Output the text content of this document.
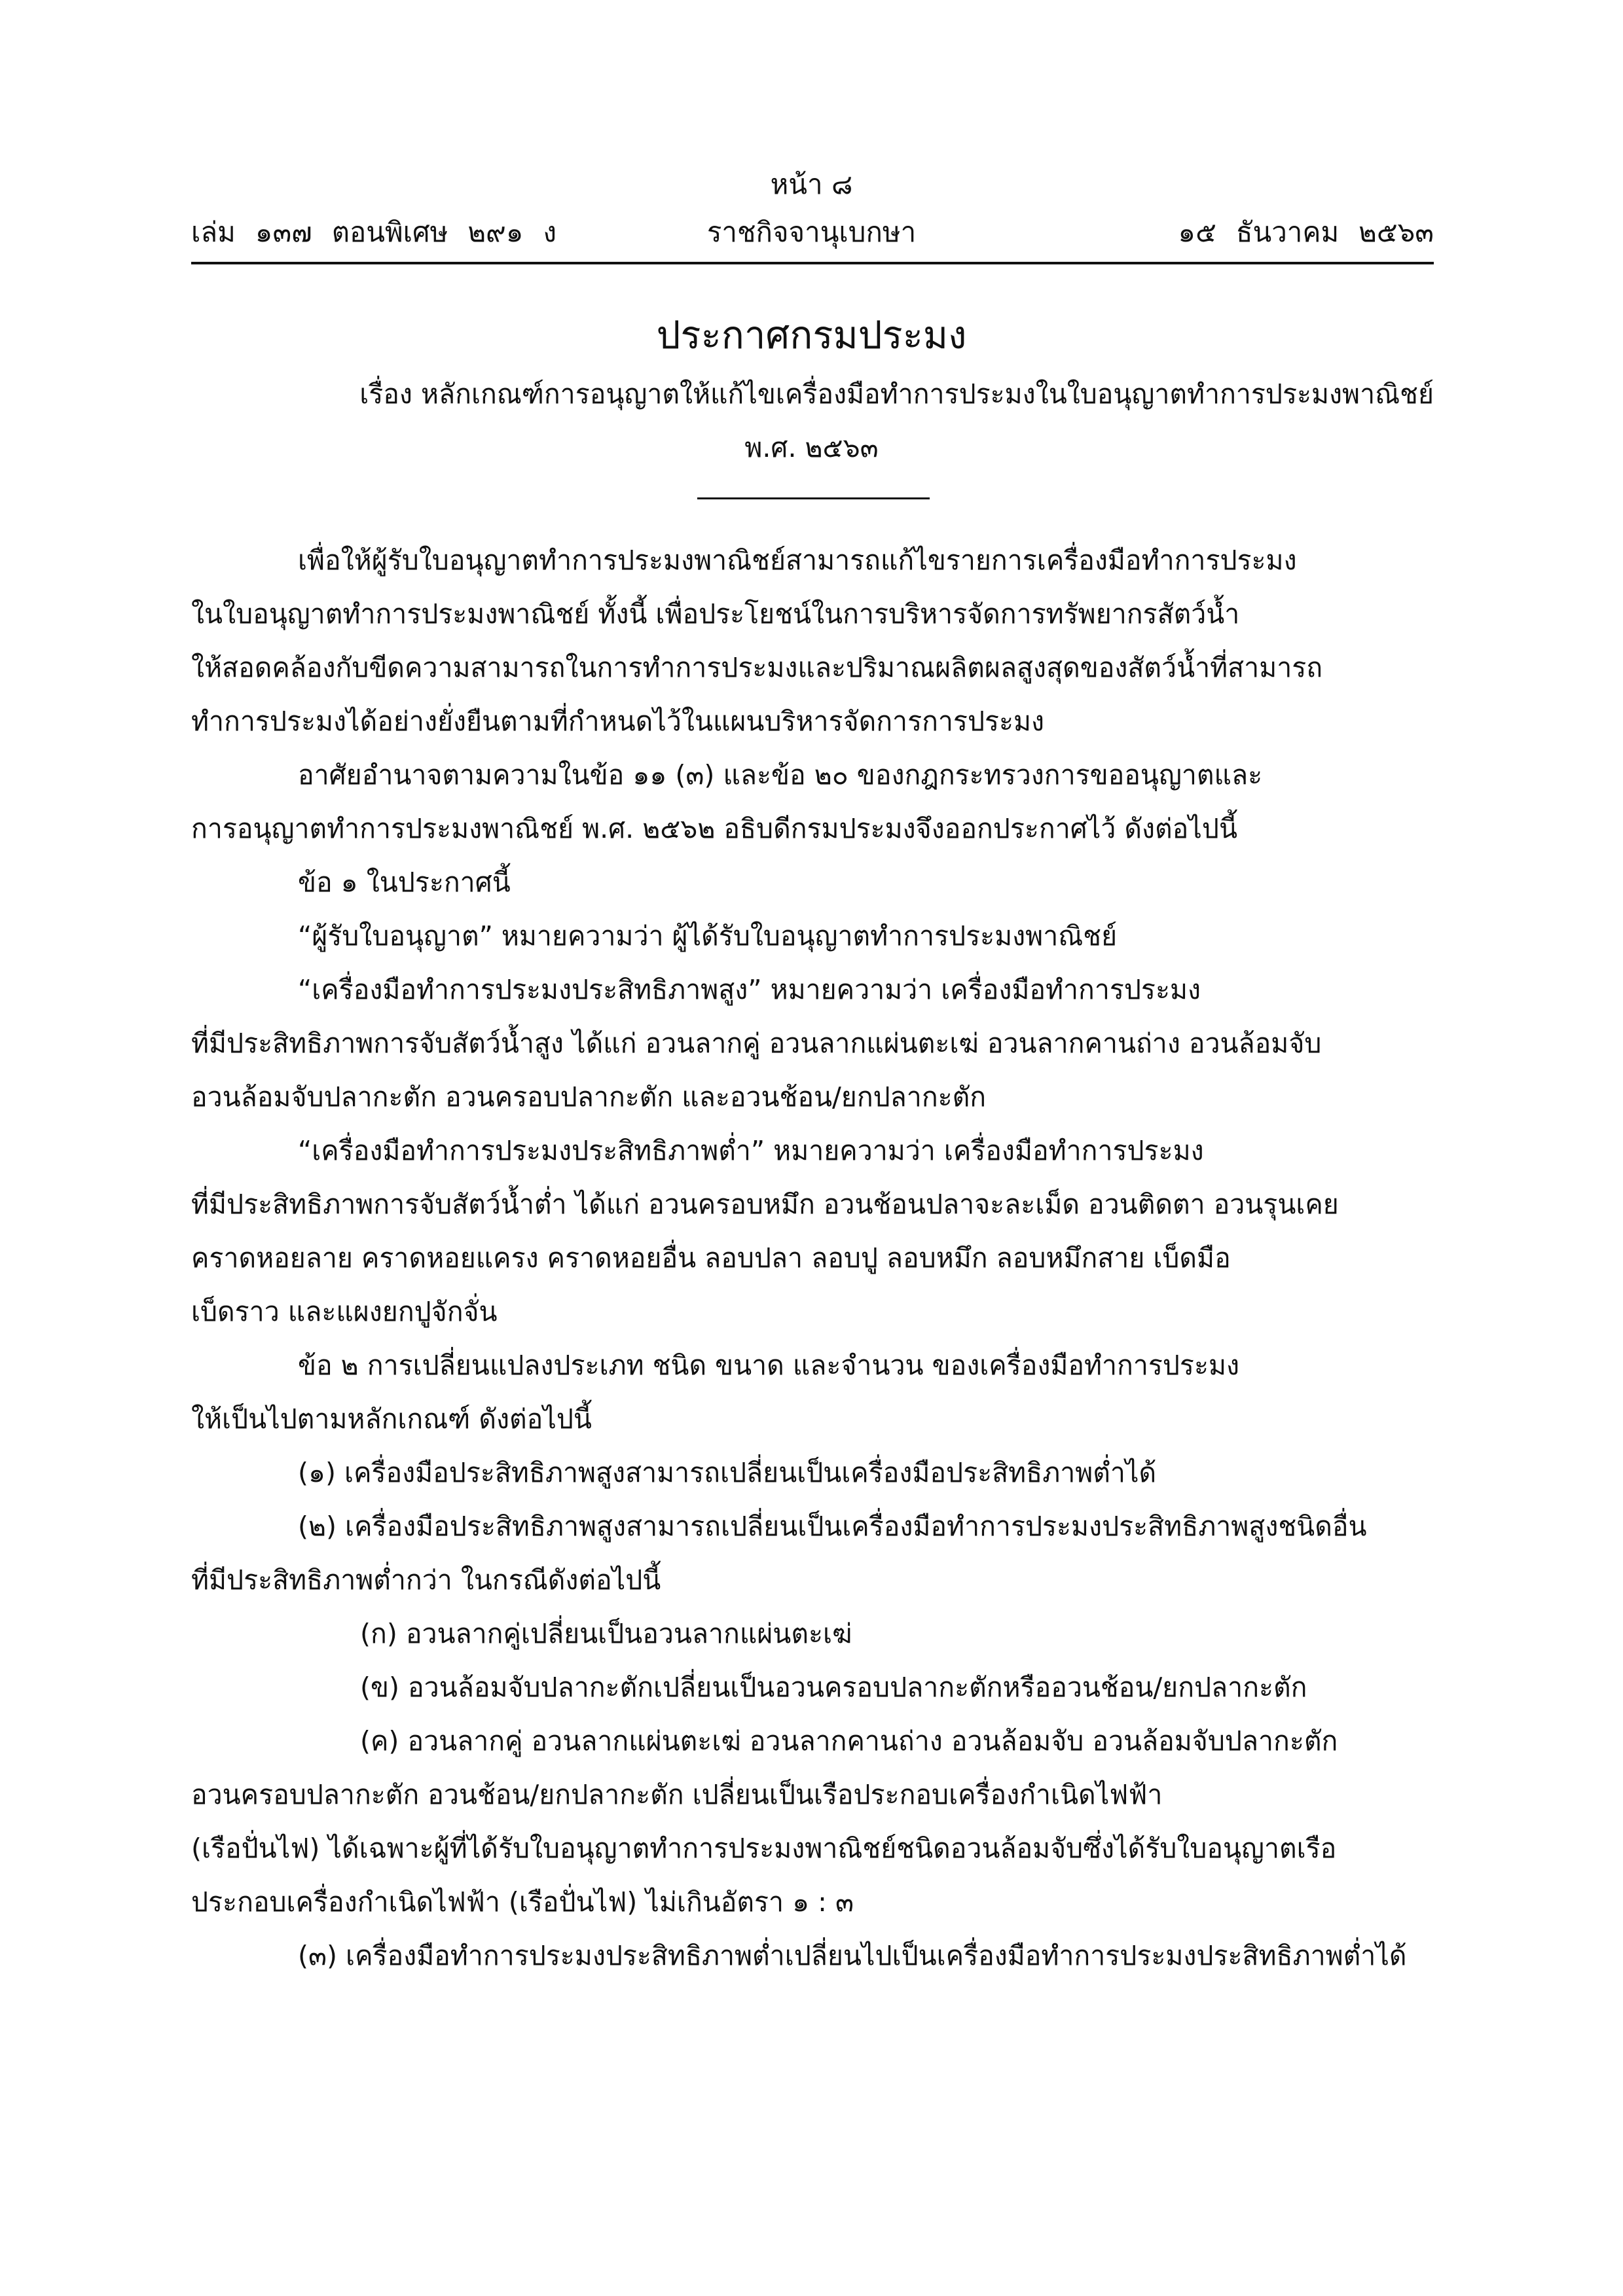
หน้า ๘
เล่ม ๑๓๗ ตอนพิเศษ ๒๙๑ ง	ราชกิจจานุเบกษา	๑๕ ธันวาคม ๒๕๖๓
ประกาศกรมประมง
เรื่อง หลักเกณฑ์การอนุญาตให้แก้ไขเครื่องมือทำการประมงในใบอนุญาตทำการประมงพาณิชย์
พ.ศ. ๒๕๖๓
เพื่อให้ผู้รับใบอนุญาตทำการประมงพาณิชย์สามารถแก้ไขรายการเครื่องมือทำการประมง
ในใบอนุญาตทำการประมงพาณิชย์ ทั้งนี้ เพื่อประโยชน์ในการบริหารจัดการทรัพยากรสัตว์น้ำ
ให้สอดคล้องกับขีดความสามารถในการทำการประมงและปริมาณผลิตผลสูงสุดของสัตว์น้ำที่สามารถ
ทำการประมงได้อย่างยั่งยืนตามที่กำหนดไว้ในแผนบริหารจัดการการประมง
อาศัยอำนาจตามความในข้อ ๑๑ (๓) และข้อ ๒๐ ของกฎกระทรวงการขออนุญาตและ
การอนุญาตทำการประมงพาณิชย์ พ.ศ. ๒๕๖๒ อธิบดีกรมประมงจึงออกประกาศไว้ ดังต่อไปนี้
ข้อ ๑ ในประกาศนี้
“ผู้รับใบอนุญาต” หมายความว่า ผู้ได้รับใบอนุญาตทำการประมงพาณิชย์
“เครื่องมือทำการประมงประสิทธิภาพสูง” หมายความว่า เครื่องมือทำการประมง
ที่มีประสิทธิภาพการจับสัตว์น้ำสูง ได้แก่ อวนลากคู่ อวนลากแผ่นตะเฆ่ อวนลากคานถ่าง อวนล้อมจับ
อวนล้อมจับปลากะตัก อวนครอบปลากะตัก และอวนช้อน/ยกปลากะตัก
“เครื่องมือทำการประมงประสิทธิภาพต่ำ” หมายความว่า เครื่องมือทำการประมง
ที่มีประสิทธิภาพการจับสัตว์น้ำต่ำ ได้แก่ อวนครอบหมึก อวนช้อนปลาจะละเม็ด อวนติดตา อวนรุนเคย
คราดหอยลาย คราดหอยแครง คราดหอยอื่น ลอบปลา ลอบปู ลอบหมึก ลอบหมึกสาย เบ็ดมือ
เบ็ดราว และแผงยกปูจักจั่น
ข้อ ๒ การเปลี่ยนแปลงประเภท ชนิด ขนาด และจำนวน ของเครื่องมือทำการประมง
ให้เป็นไปตามหลักเกณฑ์ ดังต่อไปนี้
(๑) เครื่องมือประสิทธิภาพสูงสามารถเปลี่ยนเป็นเครื่องมือประสิทธิภาพต่ำได้
(๒) เครื่องมือประสิทธิภาพสูงสามารถเปลี่ยนเป็นเครื่องมือทำการประมงประสิทธิภาพสูงชนิดอื่น
ที่มีประสิทธิภาพต่ำกว่า ในกรณีดังต่อไปนี้
(ก) อวนลากคู่เปลี่ยนเป็นอวนลากแผ่นตะเฆ่
(ข) อวนล้อมจับปลากะตักเปลี่ยนเป็นอวนครอบปลากะตักหรืออวนช้อน/ยกปลากะตัก
(ค) อวนลากคู่ อวนลากแผ่นตะเฆ่ อวนลากคานถ่าง อวนล้อมจับ อวนล้อมจับปลากะตัก
อวนครอบปลากะตัก อวนช้อน/ยกปลากะตัก เปลี่ยนเป็นเรือประกอบเครื่องกำเนิดไฟฟ้า
(เรือปั่นไฟ) ได้เฉพาะผู้ที่ได้รับใบอนุญาตทำการประมงพาณิชย์ชนิดอวนล้อมจับซึ่งได้รับใบอนุญาตเรือ
ประกอบเครื่องกำเนิดไฟฟ้า (เรือปั่นไฟ) ไม่เกินอัตรา ๑ : ๓
(๓) เครื่องมือทำการประมงประสิทธิภาพต่ำเปลี่ยนไปเป็นเครื่องมือทำการประมงประสิทธิภาพต่ำได้
